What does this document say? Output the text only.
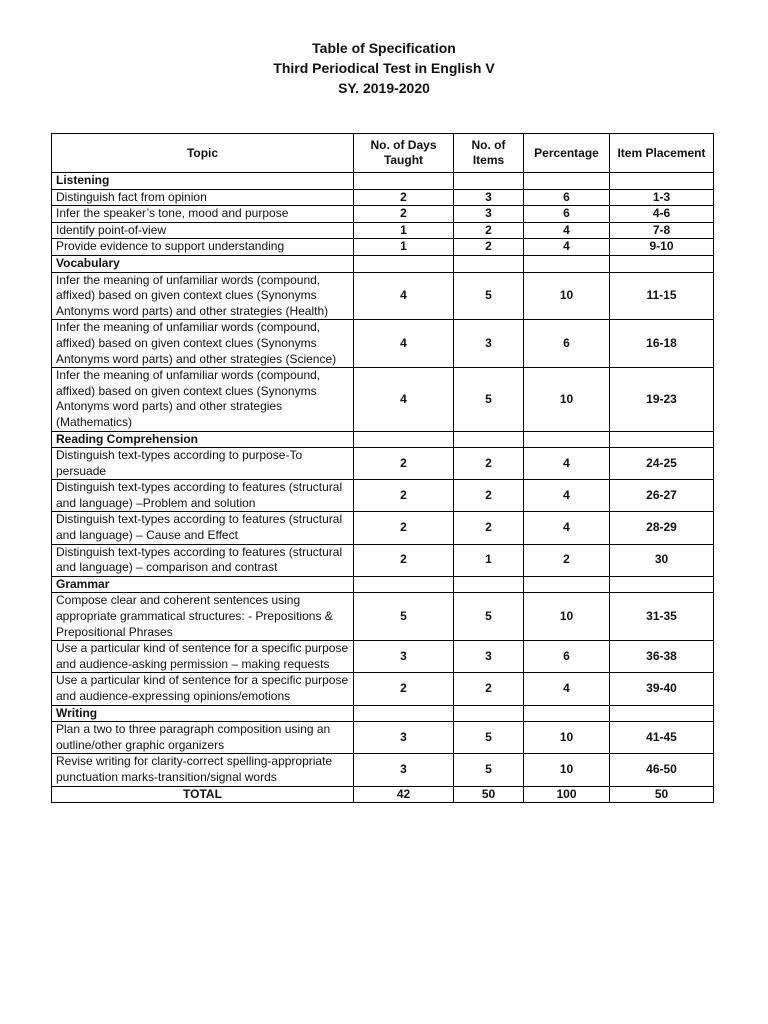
Table of Specification
Third Periodical Test in English V
SY. 2019-2020
Topic	No. of Days Taught	No. of Items	Percentage	Item Placement
Listening				
Distinguish fact from opinion	2	3	6	1-3
Infer the speaker’s tone, mood and purpose	2	3	6	4-6
Identify point-of-view	1	2	4	7-8
Provide evidence to support understanding	1	2	4	9-10
Vocabulary				
Infer the meaning of unfamiliar words (compound, affixed) based on given context clues (Synonyms Antonyms word parts) and other strategies (Health)	4	5	10	11-15
Infer the meaning of unfamiliar words (compound, affixed) based on given context clues (Synonyms Antonyms word parts) and other strategies (Science)	4	3	6	16-18
Infer the meaning of unfamiliar words (compound, affixed) based on given context clues (Synonyms Antonyms word parts) and other strategies (Mathematics)	4	5	10	19-23
Reading Comprehension				
Distinguish text-types according to purpose-To persuade	2	2	4	24-25
Distinguish text-types according to features (structural and language) –Problem and solution	2	2	4	26-27
Distinguish text-types according to features (structural and language) – Cause and Effect	2	2	4	28-29
Distinguish text-types according to features (structural and language) – comparison and contrast	2	1	2	30
Grammar				
Compose clear and coherent sentences using appropriate grammatical structures: - Prepositions & Prepositional Phrases	5	5	10	31-35
Use a particular kind of sentence for a specific purpose and audience-asking permission – making requests	3	3	6	36-38
Use a particular kind of sentence for a specific purpose and audience-expressing opinions/emotions	2	2	4	39-40
Writing				
Plan a two to three paragraph composition using an outline/other graphic organizers	3	5	10	41-45
Revise writing for clarity-correct spelling-appropriate punctuation marks-transition/signal words	3	5	10	46-50
TOTAL	42	50	100	50
